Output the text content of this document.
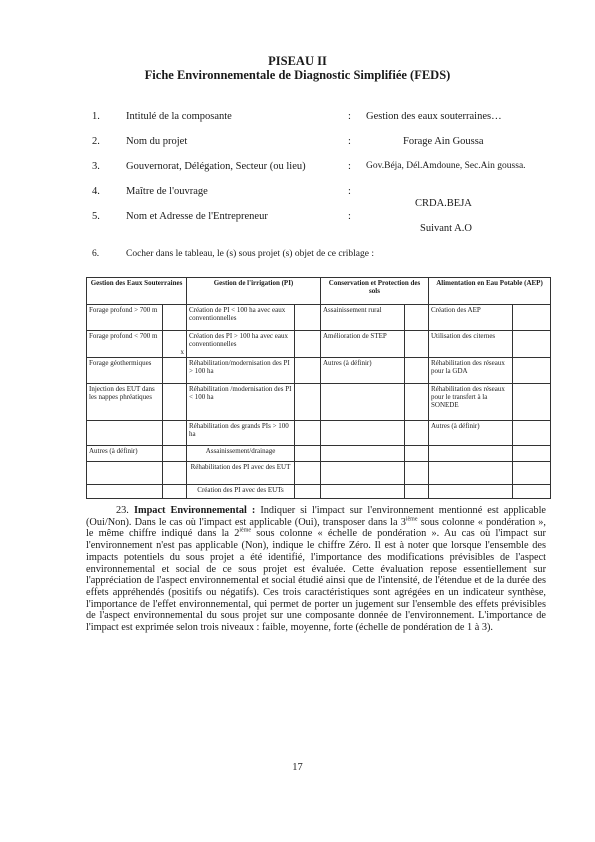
PISEAU II
Fiche Environnementale de Diagnostic Simplifiée (FEDS)
1. Intitulé de la composante	: Gestion des eaux souterraines…
2. Nom du projet	:	Forage Ain Goussa
3. Gouvernorat, Délégation, Secteur (ou lieu)	: Gov.Béja, Dél.Amdoune, Sec.Ain goussa.
4. Maître de l'ouvrage	:
CRDA.BEJA
5. Nom et Adresse de l'Entrepreneur	:
Suivant A.O
6.	Cocher dans le tableau, le (s) sous projet (s) objet de ce criblage :
Gestion des Eaux Souterraines		Gestion de l'irrigation (PI)		Conservation et Protection des sols		Alimentation en Eau Potable (AEP)	
Forage profond > 700 m		Création de PI < 100 ha avec eaux conventionnelles		Assainissement rural		Création des AEP	
Forage profond < 700 m	x	Création des PI > 100 ha avec eaux conventionnelles		Amélioration de STEP		Utilisation des citernes	
Forage géothermiques		Réhabilitation/modernisation des PI > 100 ha		Autres (à définir)		Réhabilitation des réseaux pour la GDA	
Injection des EUT dans les nappes phréatiques		Réhabilitation /modernisation des PI < 100 ha				Réhabilitation des réseaux pour le transfert à la SONEDE	
		Réhabilitation des grands PIs > 100 ha				Autres (à définir)	
Autres (à définir)		Assainissement/drainage					
		Réhabilitation des PI avec des EUT					
		Création des PI avec des EUTs					
23. Impact Environnemental : Indiquer si l'impact sur l'environnement mentionné est applicable (Oui/Non). Dans le cas où l'impact est applicable (Oui), transposer dans la 3ième sous colonne « pondération », le même chiffre indiqué dans la 2ième sous colonne « échelle de pondération ». Au cas où l'impact sur l'environnement n'est pas applicable (Non), indique le chiffre Zéro. Il est à noter que lorsque l'ensemble des impacts potentiels du sous projet a été identifié, l'importance des modifications prévisibles de l'aspect environnemental et social de ce sous projet est évaluée. Cette évaluation repose essentiellement sur l'appréciation de l'aspect environnemental et social étudié ainsi que de l'intensité, de l'étendue et de la durée des effets appréhendés (positifs ou négatifs). Ces trois caractéristiques sont agrégées en un indicateur synthèse, l'importance de l'effet environnemental, qui permet de porter un jugement sur l'ensemble des effets prévisibles de l'aspect environnemental du sous projet sur une composante donnée de l'environnement. L'importance de l'impact est exprimée selon trois niveaux : faible, moyenne, forte (échelle de pondération de 1 à 3).
17
